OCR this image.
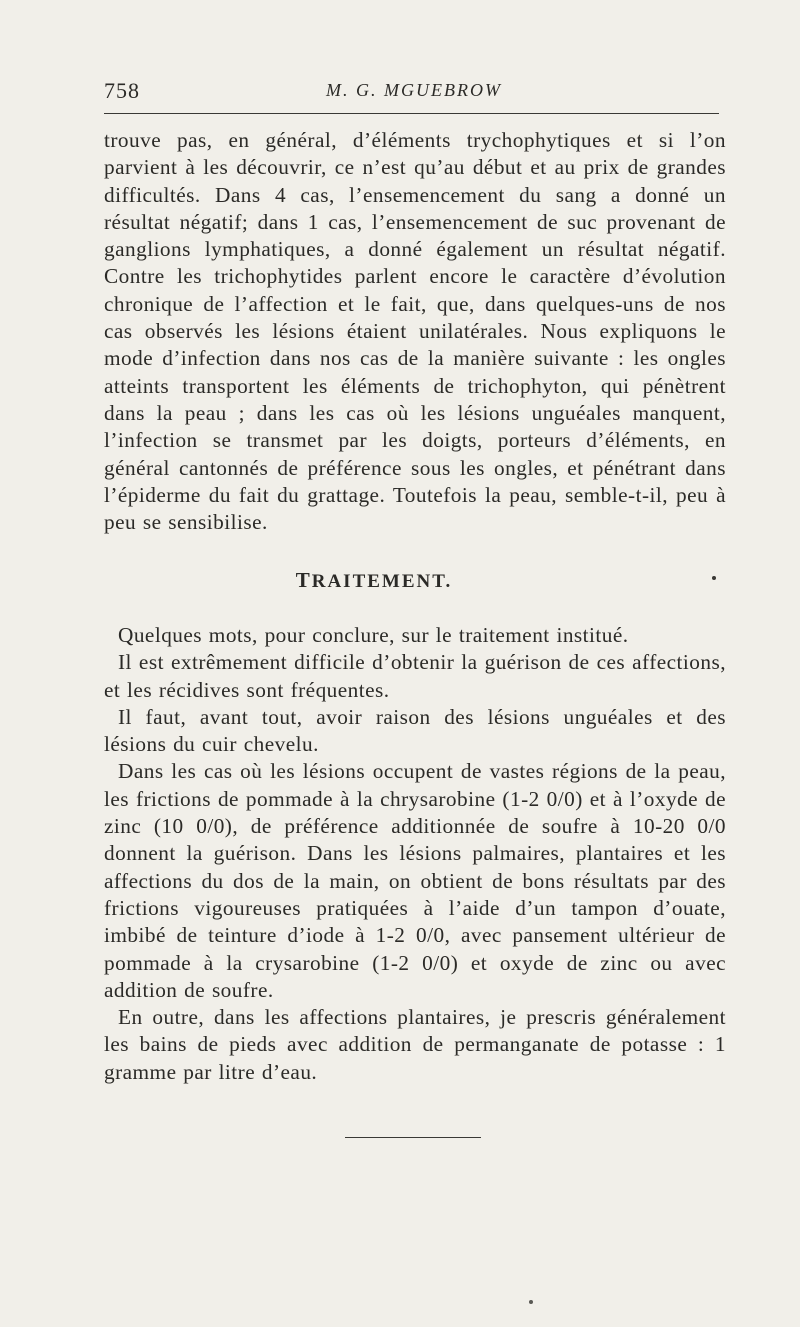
758	M. G. MGUEBROW

trouve pas, en général, d’éléments trychophytiques et si l’on parvient à les découvrir, ce n’est qu’au début et au prix de grandes difficultés. Dans 4 cas, l’ensemencement du sang a donné un résultat négatif; dans 1 cas, l’ensemencement de suc provenant de ganglions lymphatiques, a donné également un résultat négatif. Contre les trichophytides parlent encore le caractère d’évolution chronique de l’affection et le fait, que, dans quelques-uns de nos cas observés les lésions étaient unilatérales. Nous expliquons le mode d’infection dans nos cas de la manière suivante : les ongles atteints transportent les éléments de trichophyton, qui pénètrent dans la peau ; dans les cas où les lésions unguéales manquent, l’infection se transmet par les doigts, porteurs d’éléments, en général cantonnés de préférence sous les ongles, et pénétrant dans l’épiderme du fait du grattage. Toutefois la peau, semble-t-il, peu à peu se sensibilise.

TRAITEMENT.

Quelques mots, pour conclure, sur le traitement institué.

Il est extrêmement difficile d’obtenir la guérison de ces affections, et les récidives sont fréquentes.

Il faut, avant tout, avoir raison des lésions unguéales et des lésions du cuir chevelu.

Dans les cas où les lésions occupent de vastes régions de la peau, les frictions de pommade à la chrysarobine (1-2 0/0) et à l’oxyde de zinc (10 0/0), de préférence additionnée de soufre à 10-20 0/0 donnent la guérison. Dans les lésions palmaires, plantaires et les affections du dos de la main, on obtient de bons résultats par des frictions vigoureuses pratiquées à l’aide d’un tampon d’ouate, imbibé de teinture d’iode à 1-2 0/0, avec pansement ultérieur de pommade à la crysarobine (1-2 0/0) et oxyde de zinc ou avec addition de soufre.

En outre, dans les affections plantaires, je prescris généralement les bains de pieds avec addition de permanganate de potasse : 1 gramme par litre d’eau.
